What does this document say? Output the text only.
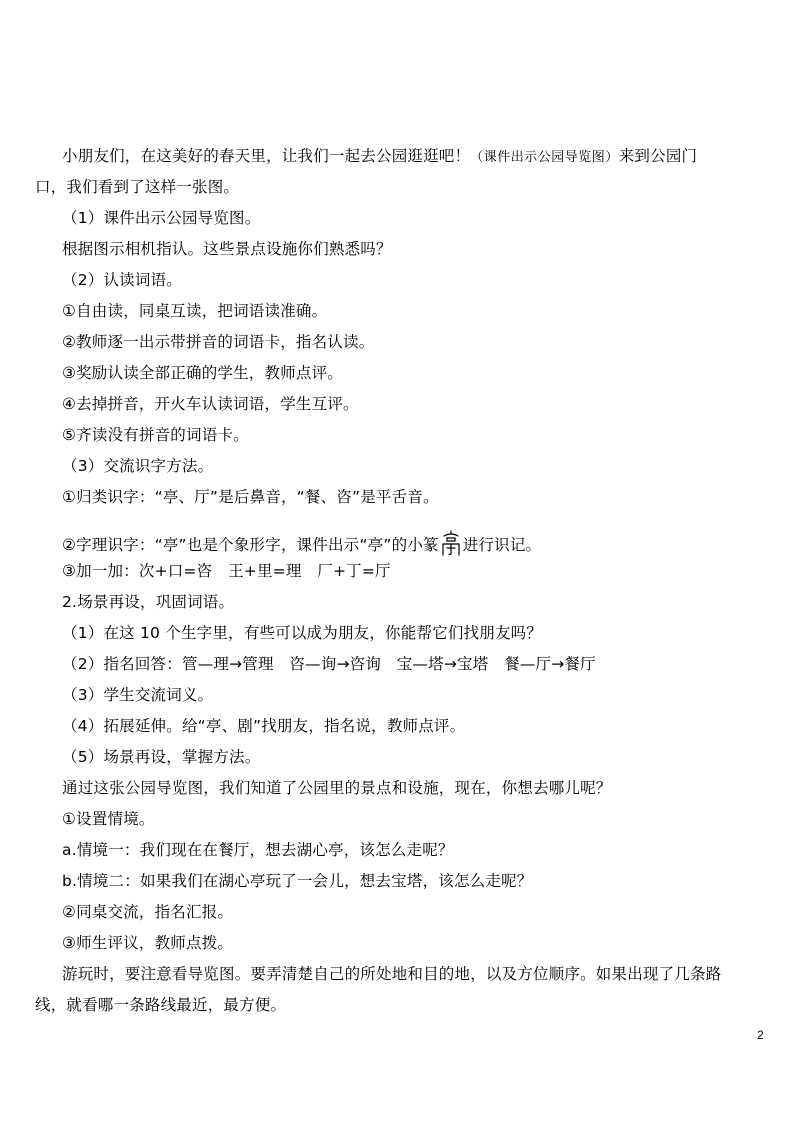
小朋友们，在这美好的春天里，让我们一起去公园逛逛吧！（课件出示公园导览图）来到公园门
口，我们看到了这样一张图。
（1）课件出示公园导览图。
根据图示相机指认。这些景点设施你们熟悉吗？
（2）认读词语。
①自由读，同桌互读，把词语读准确。
②教师逐一出示带拼音的词语卡，指名认读。
③奖励认读全部正确的学生，教师点评。
④去掉拼音，开火车认读词语，学生互评。
⑤齐读没有拼音的词语卡。
（3）交流识字方法。
①归类识字：“亭、厅”是后鼻音，“餐、咨”是平舌音。
②字理识字：“亭”也是个象形字，课件出示“亭”的小篆 进行识记。
③加一加：次+口=咨　王+里=理　厂+丁=厅
2.场景再设，巩固词语。
（1）在这 10 个生字里，有些可以成为朋友，你能帮它们找朋友吗？
（2）指名回答：管—理→管理　咨—询→咨询　宝—塔→宝塔　餐—厅→餐厅
（3）学生交流词义。
（4）拓展延伸。给“亭、剧”找朋友，指名说，教师点评。
（5）场景再设，掌握方法。
通过这张公园导览图，我们知道了公园里的景点和设施，现在，你想去哪儿呢？
①设置情境。
a.情境一：我们现在在餐厅，想去湖心亭，该怎么走呢？
b.情境二：如果我们在湖心亭玩了一会儿，想去宝塔，该怎么走呢？
②同桌交流，指名汇报。
③师生评议，教师点拨。
游玩时，要注意看导览图。要弄清楚自己的所处地和目的地，以及方位顺序。如果出现了几条路
线，就看哪一条路线最近，最方便。
2
